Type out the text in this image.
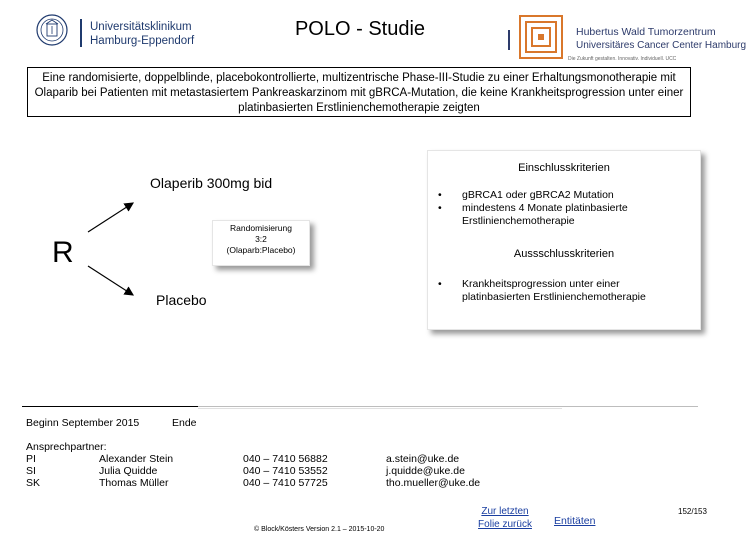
Universitätsklinikum
Hamburg-Eppendorf
POLO - Studie	Hubertus Wald Tumorzentrum
Universitäres Cancer Center Hamburg
Die Zukunft gestalten. Innovativ. Individuell. UCC
Eine randomisierte, doppelblinde, placebokontrollierte, multizentrische Phase-III-Studie zu einer Erhaltungsmonotherapie mit Olaparib bei Patienten mit metastasiertem Pankreaskarzinom mit gBRCA-Mutation, die keine Krankheitsprogression unter einer platinbasierten Erstlinienchemotherapie zeigten
Olaperib 300mg bid
R
Placebo
Randomisierung
3:2
(Olaparb:Placebo)
Einschlusskriterien
• gBRCA1 oder gBRCA2 Mutation
• mindestens 4 Monate platinbasierte Erstlinienchemotherapie
Aussschlusskriterien
• Krankheitsprogression unter einer platinbasierten Erstlinienchemotherapie
Beginn September 2015	Ende
Ansprechpartner:
PI	Alexander Stein	040 – 7410 56882	a.stein@uke.de
SI	Julia Quidde	040 – 7410 53552	j.quidde@uke.de
SK	Thomas Müller	040 – 7410 57725	tho.mueller@uke.de
Zur letzten Folie zurück	Entitäten
152/153
© Block/Kösters Version 2.1 – 2015-10-20
